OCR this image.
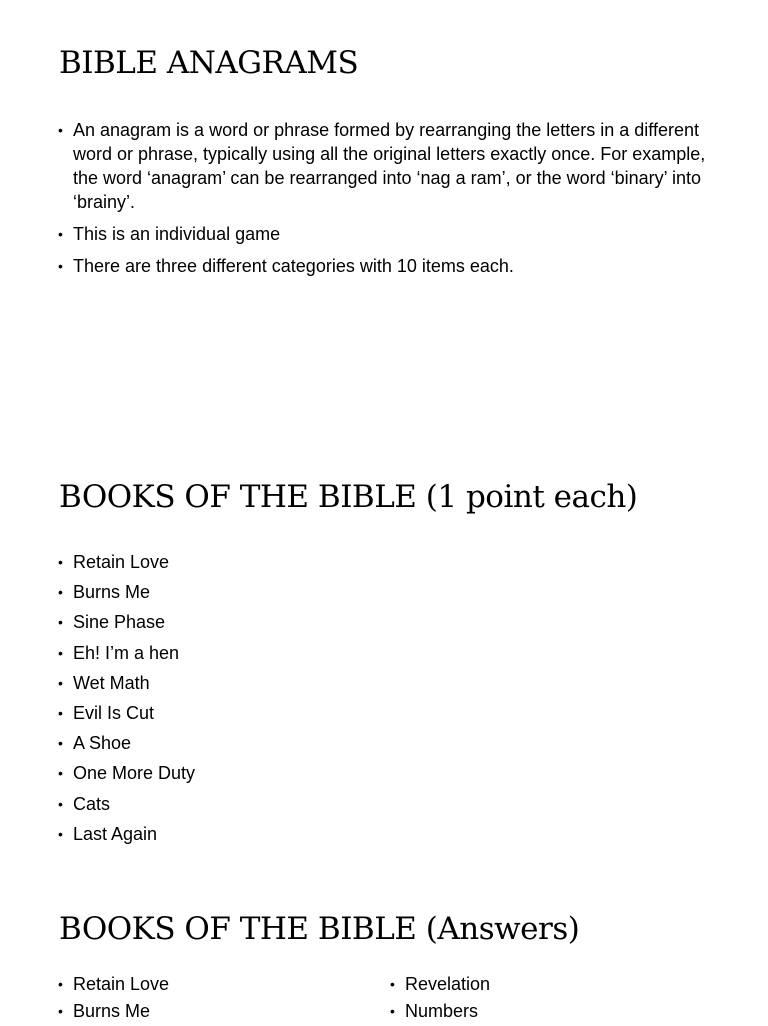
BIBLE ANAGRAMS
• An anagram is a word or phrase formed by rearranging the letters in a different word or phrase, typically using all the original letters exactly once. For example, the word ‘anagram’ can be rearranged into ‘nag a ram’, or the word ‘binary’ into ‘brainy’.
• This is an individual game
• There are three different categories with 10 items each.
BOOKS OF THE BIBLE (1 point each)
• Retain Love
• Burns Me
• Sine Phase
• Eh! I’m a hen
• Wet Math
• Evil Is Cut
• A Shoe
• One More Duty
• Cats
• Last Again
BOOKS OF THE BIBLE (Answers)
• Retain Love
• Burns Me
• Revelation
• Numbers
